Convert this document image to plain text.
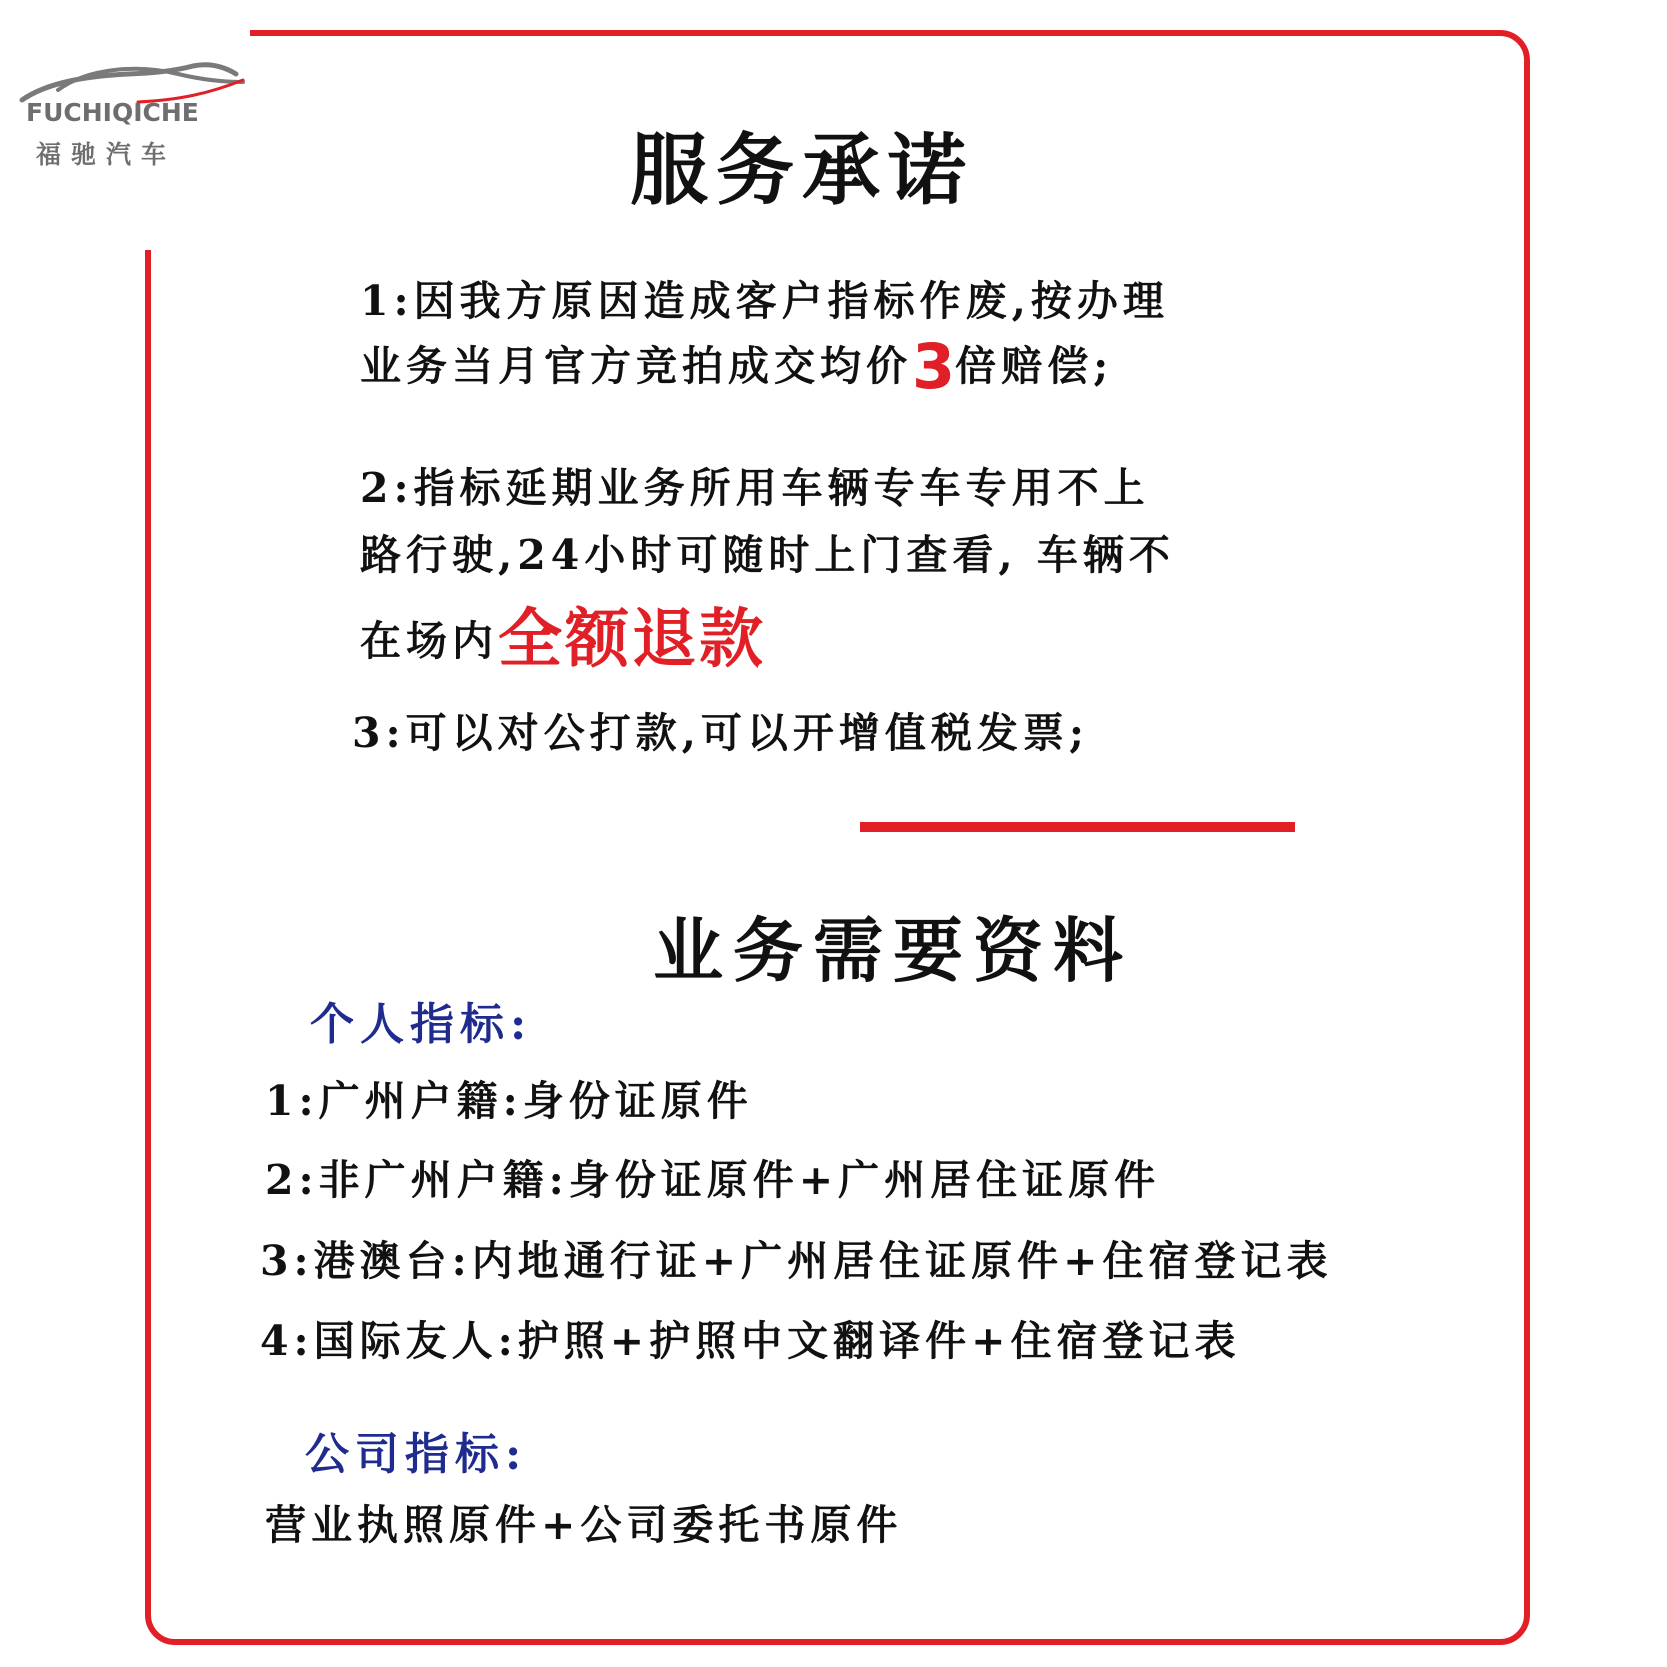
FUCHIQICHE
福驰汽车	服务承诺
1:因我方原因造成客户指标作废,按办理
业务当月官方竞拍成交均价3倍赔偿;
2:指标延期业务所用车辆专车专用不上
路行驶,24小时可随时上门查看, 车辆不
在场内全额退款
3:可以对公打款,可以开增值税发票;
业务需要资料
个人指标:
1:广州户籍:身份证原件
2:非广州户籍:身份证原件+广州居住证原件
3:港澳台:内地通行证+广州居住证原件+住宿登记表
4:国际友人:护照+护照中文翻译件+住宿登记表
公司指标:
营业执照原件+公司委托书原件
